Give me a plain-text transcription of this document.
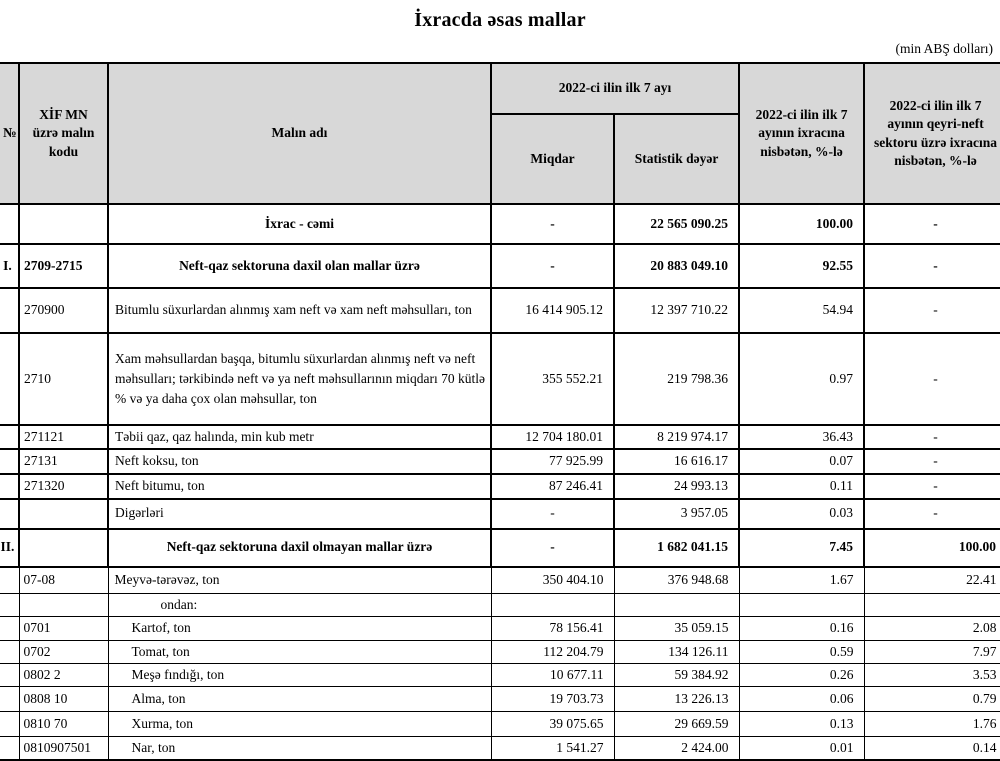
İxracda əsas mallar
(min ABŞ dolları)
№	XİF MN üzrə malın kodu	Malın adı	2022-ci ilin ilk 7 ayı		2022-ci ilin ilk 7 ayının ixracına nisbətən, %-lə	2022-ci ilin ilk 7 ayının qeyri-neft sektoru üzrə ixracına nisbətən, %-lə
			Miqdar	Statistik dəyər		
		İxrac - cəmi	-	22 565 090.25	100.00	-
I.	2709-2715	Neft-qaz sektoruna daxil olan mallar üzrə	-	20 883 049.10	92.55	-
	270900	Bitumlu süxurlardan alınmış xam neft və xam neft məhsulları, ton	16 414 905.12	12 397 710.22	54.94	-
	2710	Xam məhsullardan başqa, bitumlu süxurlardan alınmış neft və neft məhsulları; tərkibində neft və ya neft məhsullarının miqdarı 70 kütlə % və ya daha çox olan məhsullar, ton	355 552.21	219 798.36	0.97	-
	271121	Təbii qaz, qaz halında, min kub metr	12 704 180.01	8 219 974.17	36.43	-
	27131	Neft koksu, ton	77 925.99	16 616.17	0.07	-
	271320	Neft bitumu, ton	87 246.41	24 993.13	0.11	-
		Digərləri	-	3 957.05	0.03	-
II.		Neft-qaz sektoruna daxil olmayan mallar üzrə	-	1 682 041.15	7.45	100.00
	07-08	Meyvə-tərəvəz, ton	350 404.10	376 948.68	1.67	22.41
		ondan:				
	0701	Kartof, ton	78 156.41	35 059.15	0.16	2.08
	0702	Tomat, ton	112 204.79	134 126.11	0.59	7.97
	0802 2	Meşə fındığı, ton	10 677.11	59 384.92	0.26	3.53
	0808 10	Alma, ton	19 703.73	13 226.13	0.06	0.79
	0810 70	Xurma, ton	39 075.65	29 669.59	0.13	1.76
	0810907501	Nar, ton	1 541.27	2 424.00	0.01	0.14
